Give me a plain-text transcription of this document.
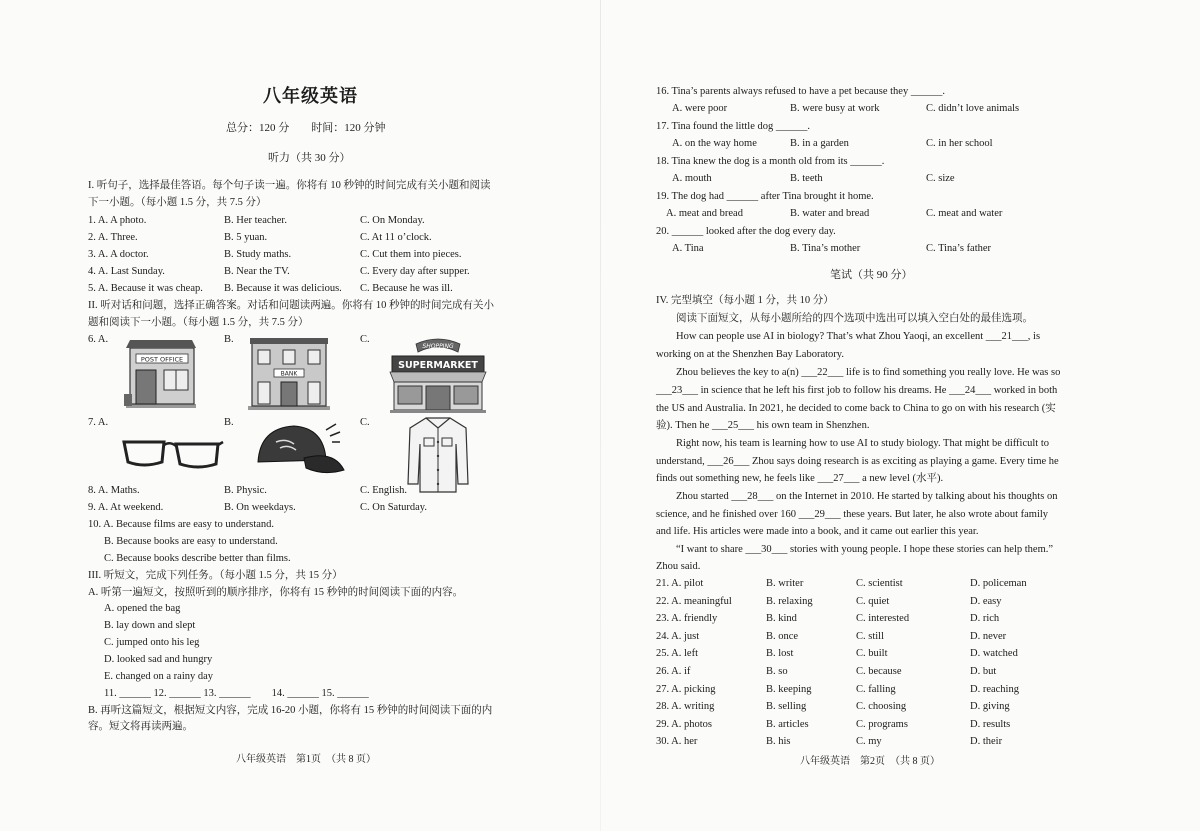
八年级英语
总分：120 分　　时间：120 分钟
听力（共 30 分）
I. 听句子，选择最佳答语。每个句子读一遍。你将有 10 秒钟的时间完成有关小题和阅读
下一小题。（每小题 1.5 分，共 7.5 分）
1. A. A photo.	B. Her teacher.	C. On Monday.
2. A. Three.	B. 5 yuan.	C. At 11 o’clock.
3. A. A doctor.	B. Study maths.	C. Cut them into pieces.
4. A. Last Sunday.	B. Near the TV.	C. Every day after supper.
5. A. Because it was cheap. B. Because it was delicious. C. Because he was ill.
II. 听对话和问题，选择正确答案。对话和问题读两遍。你将有 10 秒钟的时间完成有关小
题和阅读下一小题。（每小题 1.5 分，共 7.5 分）
6. A.	B.	C.
POST OFFICE
BANK
SHOPPING
SUPERMARKET
7. A.	B.	C.
8. A. Maths.	B. Physic.	C. English.
9. A. At weekend.	B. On weekdays.	C. On Saturday.
10. A. Because films are easy to understand.
B. Because books are easy to understand.
C. Because books describe better than films.
III. 听短文，完成下列任务。（每小题 1.5 分，共 15 分）
A. 听第一遍短文，按照听到的顺序排序，你将有 15 秒钟的时间阅读下面的内容。
A. opened the bag
B. lay down and slept
C. jumped onto his leg
D. looked sad and hungry
E. changed on a rainy day
11. ______ 12. ______ 13. ______　　14. ______ 15. ______
B. 再听这篇短文，根据短文内容，完成 16-20 小题，你将有 15 秒钟的时间阅读下面的内
容。短文将再读两遍。
八年级英语　第1页　（共 8 页）
16. Tina’s parents always refused to have a pet because they ______.
A. were poor	B. were busy at work	C. didn’t love animals
17. Tina found the little dog ______.
A. on the way home	B. in a garden	C. in her school
18. Tina knew the dog is a month old from its ______.
A. mouth	B. teeth	C. size
19. The dog had ______ after Tina brought it home.
A. meat and bread	B. water and bread	C. meat and water
20. ______ looked after the dog every day.
A. Tina	B. Tina’s mother	C. Tina’s father
笔试（共 90 分）
IV. 完型填空（每小题 1 分，共 10 分）
阅读下面短文，从每小题所给的四个选项中选出可以填入空白处的最佳选项。
How can people use AI in biology? That’s what Zhou Yaoqi, an excellent ___21___, is
working on at the Shenzhen Bay Laboratory.
Zhou believes the key to a(n) ___22___ life is to find something you really love. He was so
___23___ in science that he left his first job to follow his dreams. He ___24___ worked in both
the US and Australia. In 2021, he decided to come back to China to go on with his research (实
验). Then he ___25___ his own team in Shenzhen.
Right now, his team is learning how to use AI to study biology. That might be difficult to
understand, ___26___ Zhou says doing research is as exciting as playing a game. Every time he
finds out something new, he feels like ___27___ a new level (水平).
Zhou started ___28___ on the Internet in 2010. He started by talking about his thoughts on
science, and he finished over 160 ___29___ these years. But later, he also wrote about family
and life. His articles were made into a book, and it came out earlier this year.
“I want to share ___30___ stories with young people. I hope these stories can help them.”
Zhou said.
21. A. pilot	B. writer	C. scientist	D. policeman
22. A. meaningful	B. relaxing	C. quiet	D. easy
23. A. friendly	B. kind	C. interested	D. rich
24. A. just	B. once	C. still	D. never
25. A. left	B. lost	C. built	D. watched
26. A. if	B. so	C. because	D. but
27. A. picking	B. keeping	C. falling	D. reaching
28. A. writing	B. selling	C. choosing	D. giving
29. A. photos	B. articles	C. programs	D. results
30. A. her	B. his	C. my	D. their
八年级英语　第2页　（共 8 页）
